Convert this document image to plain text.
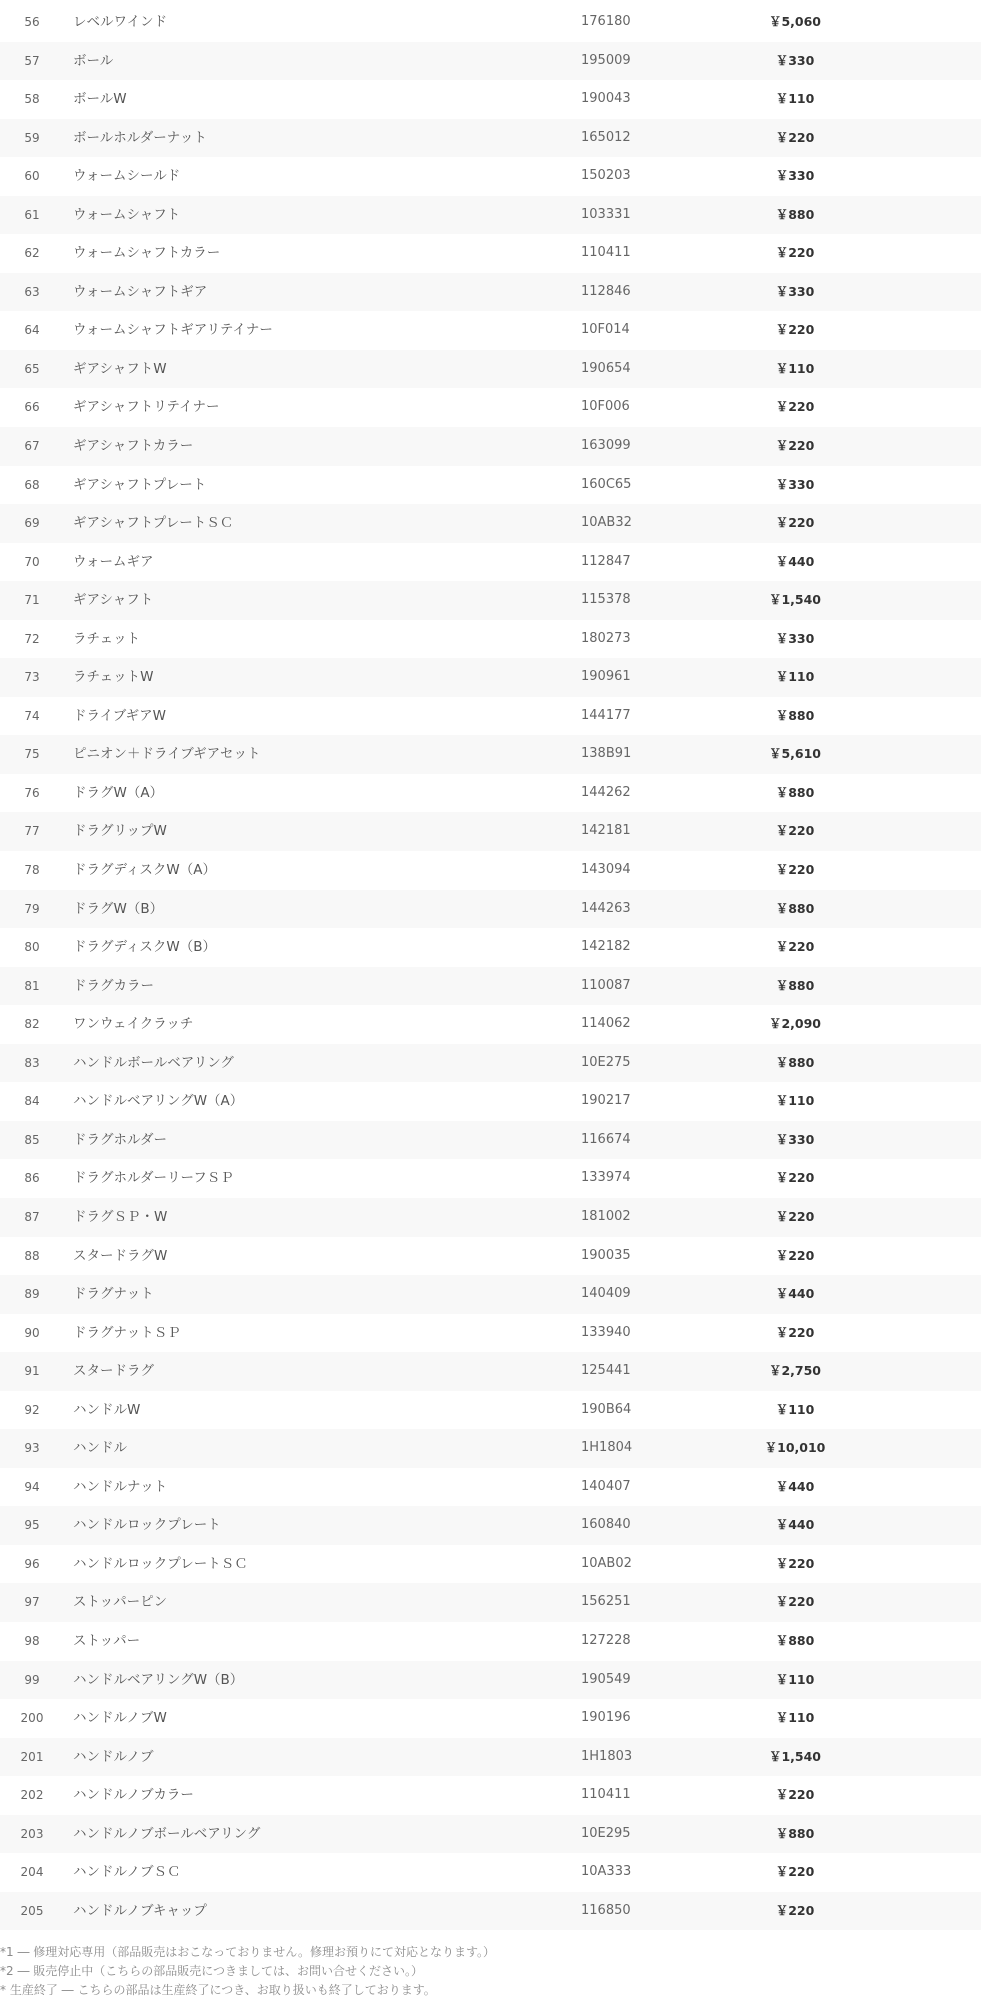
56	レベルワインド	176180	￥5,060
57	ボール	195009	￥330
58	ボールW	190043	￥110
59	ボールホルダーナット	165012	￥220
60	ウォームシールド	150203	￥330
61	ウォームシャフト	103331	￥880
62	ウォームシャフトカラー	110411	￥220
63	ウォームシャフトギア	112846	￥330
64	ウォームシャフトギアリテイナー	10F014	￥220
65	ギアシャフトW	190654	￥110
66	ギアシャフトリテイナー	10F006	￥220
67	ギアシャフトカラー	163099	￥220
68	ギアシャフトプレート	160C65	￥330
69	ギアシャフトプレートＳＣ	10AB32	￥220
70	ウォームギア	112847	￥440
71	ギアシャフト	115378	￥1,540
72	ラチェット	180273	￥330
73	ラチェットW	190961	￥110
74	ドライブギアW	144177	￥880
75	ピニオン＋ドライブギアセット	138B91	￥5,610
76	ドラグW（A）	144262	￥880
77	ドラグリップW	142181	￥220
78	ドラグディスクW（A）	143094	￥220
79	ドラグW（B）	144263	￥880
80	ドラグディスクW（B）	142182	￥220
81	ドラグカラー	110087	￥880
82	ワンウェイクラッチ	114062	￥2,090
83	ハンドルボールベアリング	10E275	￥880
84	ハンドルベアリングW（A）	190217	￥110
85	ドラグホルダー	116674	￥330
86	ドラグホルダーリーフＳＰ	133974	￥220
87	ドラグＳＰ・W	181002	￥220
88	スタードラグW	190035	￥220
89	ドラグナット	140409	￥440
90	ドラグナットＳＰ	133940	￥220
91	スタードラグ	125441	￥2,750
92	ハンドルW	190B64	￥110
93	ハンドル	1H1804	￥10,010
94	ハンドルナット	140407	￥440
95	ハンドルロックプレート	160840	￥440
96	ハンドルロックプレートＳＣ	10AB02	￥220
97	ストッパーピン	156251	￥220
98	ストッパー	127228	￥880
99	ハンドルベアリングW（B）	190549	￥110
200	ハンドルノブW	190196	￥110
201	ハンドルノブ	1H1803	￥1,540
202	ハンドルノブカラー	110411	￥220
203	ハンドルノブボールベアリング	10E295	￥880
204	ハンドルノブＳＣ	10A333	￥220
205	ハンドルノブキャップ	116850	￥220
*1 ― 修理対応専用（部品販売はおこなっておりません。修理お預りにて対応となります。）
*2 ― 販売停止中（こちらの部品販売につきましては、お問い合せください。）
* 生産終了 ― こちらの部品は生産終了につき、お取り扱いも終了しております。
